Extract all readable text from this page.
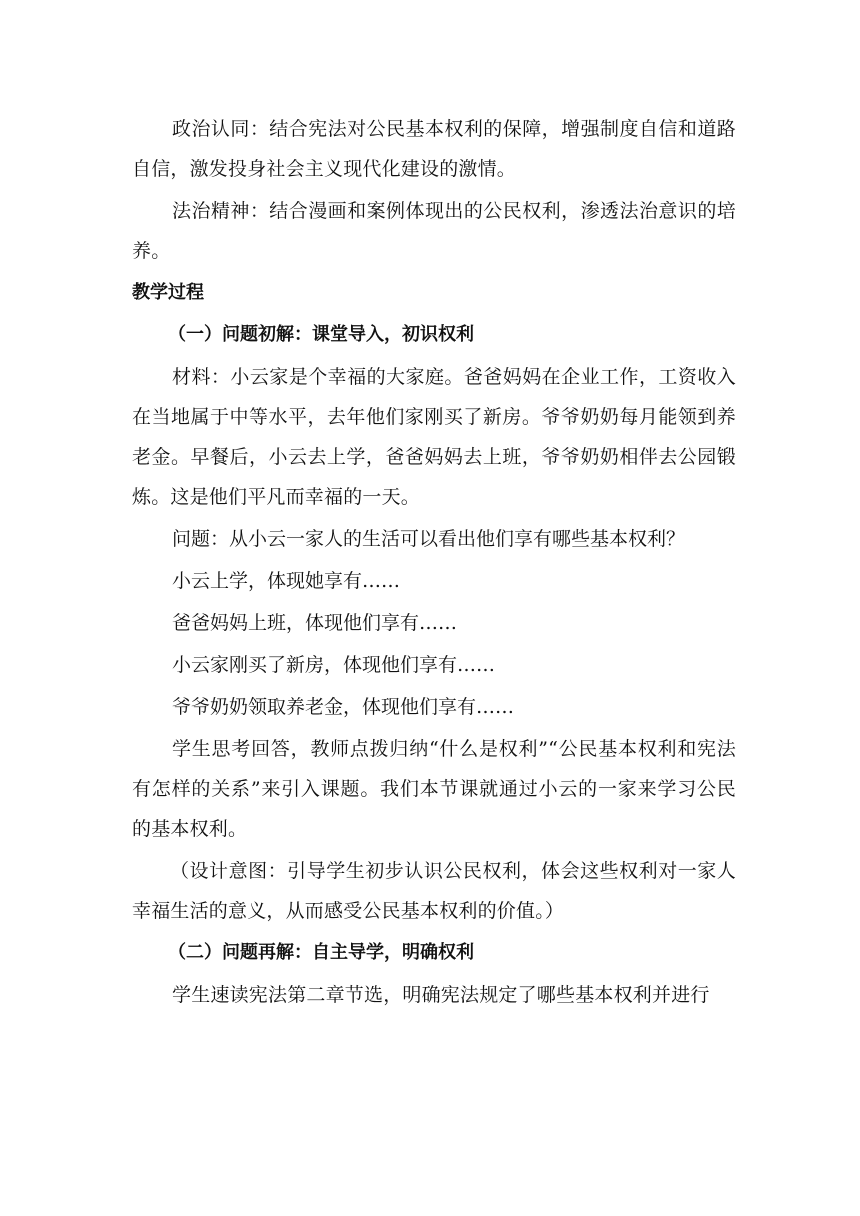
政治认同：结合宪法对公民基本权利的保障，增强制度自信和道路自信，激发投身社会主义现代化建设的激情。

法治精神：结合漫画和案例体现出的公民权利，渗透法治意识的培养。

教学过程
（一）问题初解：课堂导入，初识权利

材料：小云家是个幸福的大家庭。爸爸妈妈在企业工作，工资收入在当地属于中等水平，去年他们家刚买了新房。爷爷奶奶每月能领到养老金。早餐后，小云去上学，爸爸妈妈去上班，爷爷奶奶相伴去公园锻炼。这是他们平凡而幸福的一天。

问题：从小云一家人的生活可以看出他们享有哪些基本权利？

小云上学，体现她享有……

爸爸妈妈上班，体现他们享有……

小云家刚买了新房，体现他们享有……

爷爷奶奶领取养老金，体现他们享有……

学生思考回答，教师点拨归纳“什么是权利”“公民基本权利和宪法有怎样的关系”来引入课题。我们本节课就通过小云的一家来学习公民的基本权利。

（设计意图：引导学生初步认识公民权利，体会这些权利对一家人幸福生活的意义，从而感受公民基本权利的价值。）

（二）问题再解：自主导学，明确权利

学生速读宪法第二章节选，明确宪法规定了哪些基本权利并进行
